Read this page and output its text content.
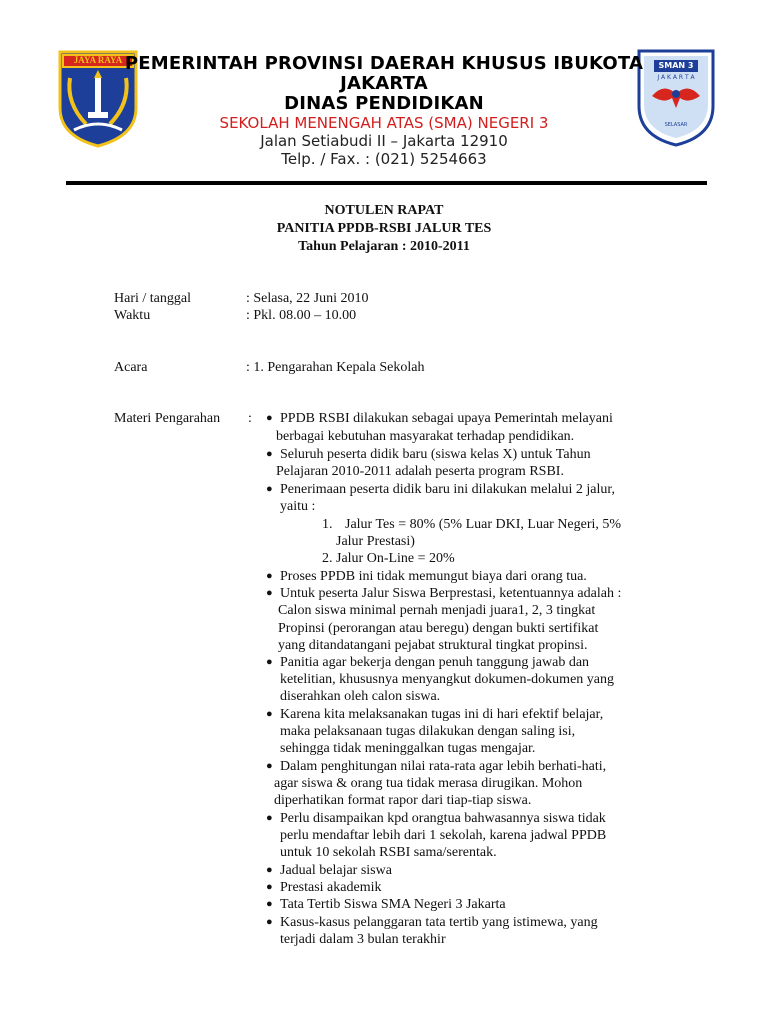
JAYA RAYA
SMAN 3
J A K A R T A
SELASAR
PEMERINTAH PROVINSI DAERAH KHUSUS IBUKOTA
JAKARTA
DINAS PENDIDIKAN
SEKOLAH MENENGAH ATAS (SMA) NEGERI 3
Jalan Setiabudi II – Jakarta 12910
Telp. / Fax. : (021) 5254663
NOTULEN RAPAT
PANITIA PPDB-RSBI JALUR TES
Tahun Pelajaran : 2010-2011
Hari / tanggal	: Selasa, 22 Juni 2010
Waktu	: Pkl. 08.00 – 10.00
Acara	: 1. Pengarahan Kepala Sekolah
Materi Pengarahan : ● PPDB RSBI dilakukan sebagai upaya Pemerintah melayani
berbagai kebutuhan masyarakat terhadap pendidikan.
● Seluruh peserta didik baru (siswa kelas X) untuk Tahun
Pelajaran 2010-2011 adalah peserta program RSBI.
● Penerimaan peserta didik baru ini dilakukan melalui 2 jalur,
yaitu :
1. Jalur Tes = 80% (5% Luar DKI, Luar Negeri, 5%
Jalur Prestasi)
2. Jalur On-Line = 20%
● Proses PPDB ini tidak memungut biaya dari orang tua.
● Untuk peserta Jalur Siswa Berprestasi, ketentuannya adalah :
Calon siswa minimal pernah menjadi juara1, 2, 3 tingkat
Propinsi (perorangan atau beregu) dengan bukti sertifikat
yang ditandatangani pejabat struktural tingkat propinsi.
● Panitia agar bekerja dengan penuh tanggung jawab dan
ketelitian, khususnya menyangkut dokumen-dokumen yang
diserahkan oleh calon siswa.
● Karena kita melaksanakan tugas ini di hari efektif belajar,
maka pelaksanaan tugas dilakukan dengan saling isi,
sehingga tidak meninggalkan tugas mengajar.
● Dalam penghitungan nilai rata-rata agar lebih berhati-hati,
agar siswa & orang tua tidak merasa dirugikan. Mohon
diperhatikan format rapor dari tiap-tiap siswa.
● Perlu disampaikan kpd orangtua bahwasannya siswa tidak
perlu mendaftar lebih dari 1 sekolah, karena jadwal PPDB
untuk 10 sekolah RSBI sama/serentak.
● Jadual belajar siswa
● Prestasi akademik
● Tata Tertib Siswa SMA Negeri 3 Jakarta
● Kasus-kasus pelanggaran tata tertib yang istimewa, yang
terjadi dalam 3 bulan terakhir
